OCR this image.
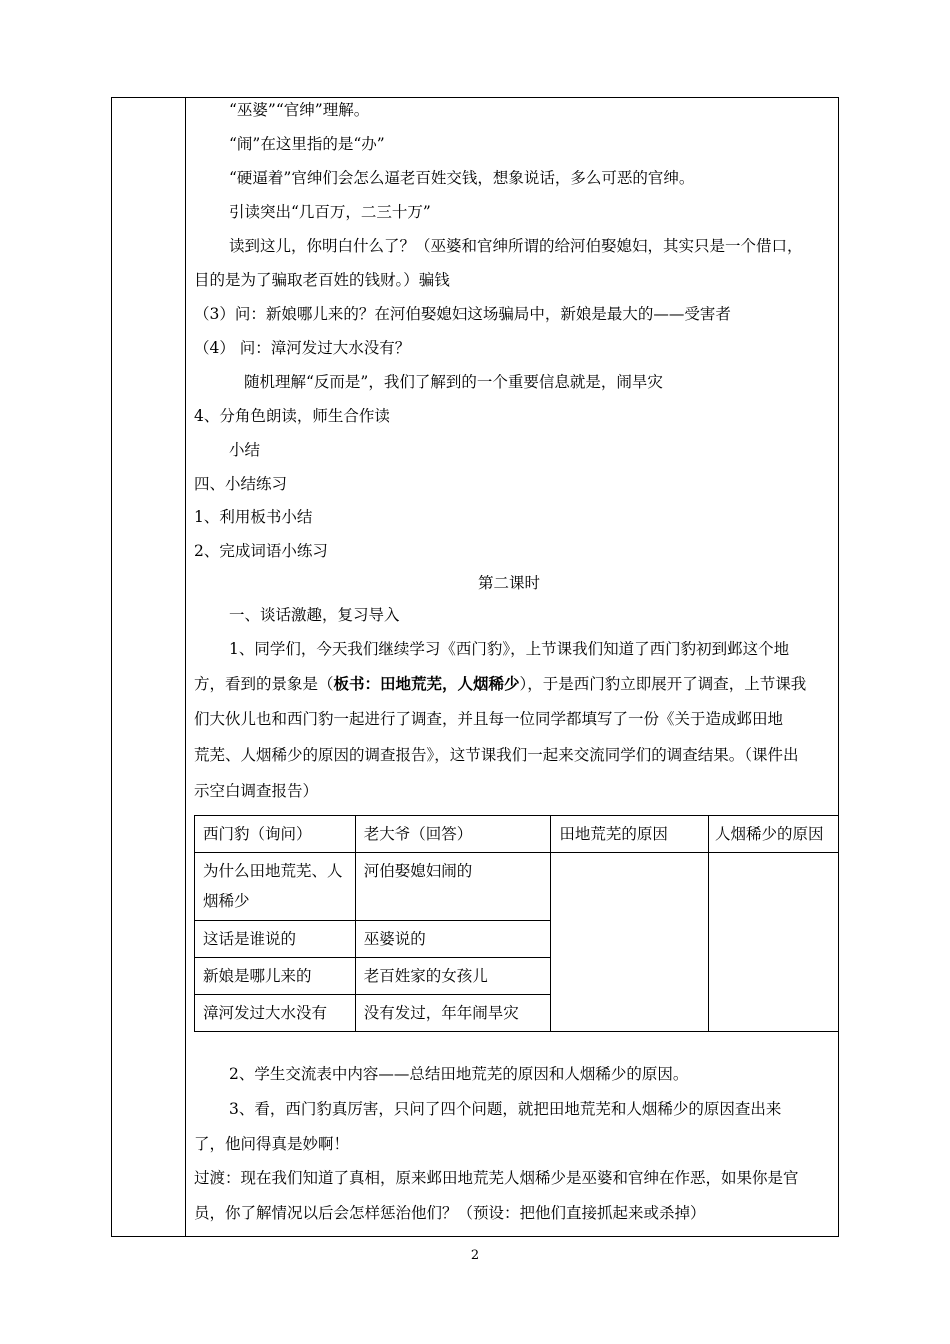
“巫婆”“官绅”理解。
“闹”在这里指的是“办”
“硬逼着”官绅们会怎么逼老百姓交钱，想象说话，多么可恶的官绅。
引读突出“几百万，二三十万”
读到这儿，你明白什么了？（巫婆和官绅所谓的给河伯娶媳妇，其实只是一个借口，
目的是为了骗取老百姓的钱财。）骗钱
（3）问：新娘哪儿来的？在河伯娶媳妇这场骗局中，新娘是最大的——受害者
（4） 问：漳河发过大水没有？
随机理解“反而是”，我们了解到的一个重要信息就是，闹旱灾
4、分角色朗读，师生合作读
小结
四、小结练习
1、利用板书小结
2、完成词语小练习
第二课时
一、谈话激趣，复习导入
1、同学们，今天我们继续学习《西门豹》，上节课我们知道了西门豹初到邺这个地
方，看到的景象是（板书：田地荒芜，人烟稀少），于是西门豹立即展开了调查，上节课我
们大伙儿也和西门豹一起进行了调查，并且每一位同学都填写了一份《关于造成邺田地
荒芜、人烟稀少的原因的调查报告》，这节课我们一起来交流同学们的调查结果。（课件出
示空白调查报告）
西门豹（询问）	老大爷（回答）	田地荒芜的原因	人烟稀少的原因
为什么田地荒芜、人烟稀少	河伯娶媳妇闹的		
这话是谁说的	巫婆说的		
新娘是哪儿来的	老百姓家的女孩儿		
漳河发过大水没有	没有发过，年年闹旱灾		
2、学生交流表中内容——总结田地荒芜的原因和人烟稀少的原因。
3、看，西门豹真厉害，只问了四个问题，就把田地荒芜和人烟稀少的原因查出来
了，他问得真是妙啊！
过渡：现在我们知道了真相，原来邺田地荒芜人烟稀少是巫婆和官绅在作恶，如果你是官
员，你了解情况以后会怎样惩治他们？（预设：把他们直接抓起来或杀掉）
2
